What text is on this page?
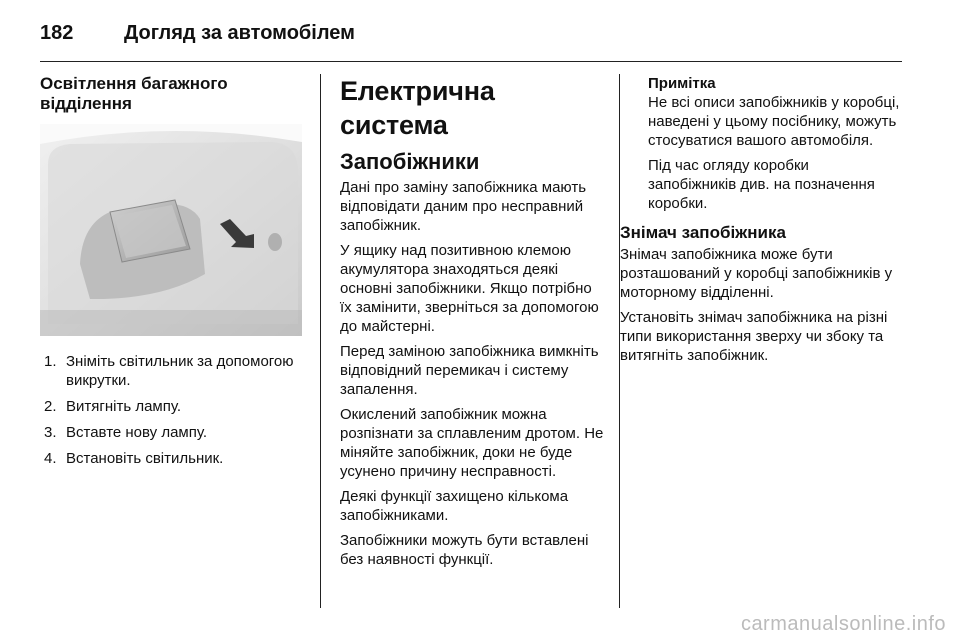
182	Догляд за автомобілем
Освітлення багажного відділення
1. Зніміть світильник за допомогою викрутки.
2. Витягніть лампу.
3. Вставте нову лампу.
4. Встановіть світильник.
Електрична система
Запобіжники

Дані про заміну запобіжника мають відповідати даним про несправний запобіжник.

У ящику над позитивною клемою акумулятора знаходяться деякі основні запобіжники. Якщо потрібно їх замінити, зверніться за допомогою до майстерні.

Перед заміною запобіжника вимкніть відповідний перемикач і систему запалення.

Окислений запобіжник можна розпізнати за сплавленим дротом. Не міняйте запобіжник, доки не буде усунено причину несправності.

Деякі функції захищено кількома запобіжниками.

Запобіжники можуть бути вставлені без наявності функції.

Примітка

Не всі описи запобіжників у коробці, наведені у цьому посібнику, можуть стосуватися вашого автомобіля.

Під час огляду коробки запобіжників див. на позначення коробки.

Знімач запобіжника

Знімач запобіжника може бути розташований у коробці запобіжників у моторному відділенні.

Установіть знімач запобіжника на різні типи використання зверху чи збоку та витягніть запобіжник.

carmanualsonline.info
